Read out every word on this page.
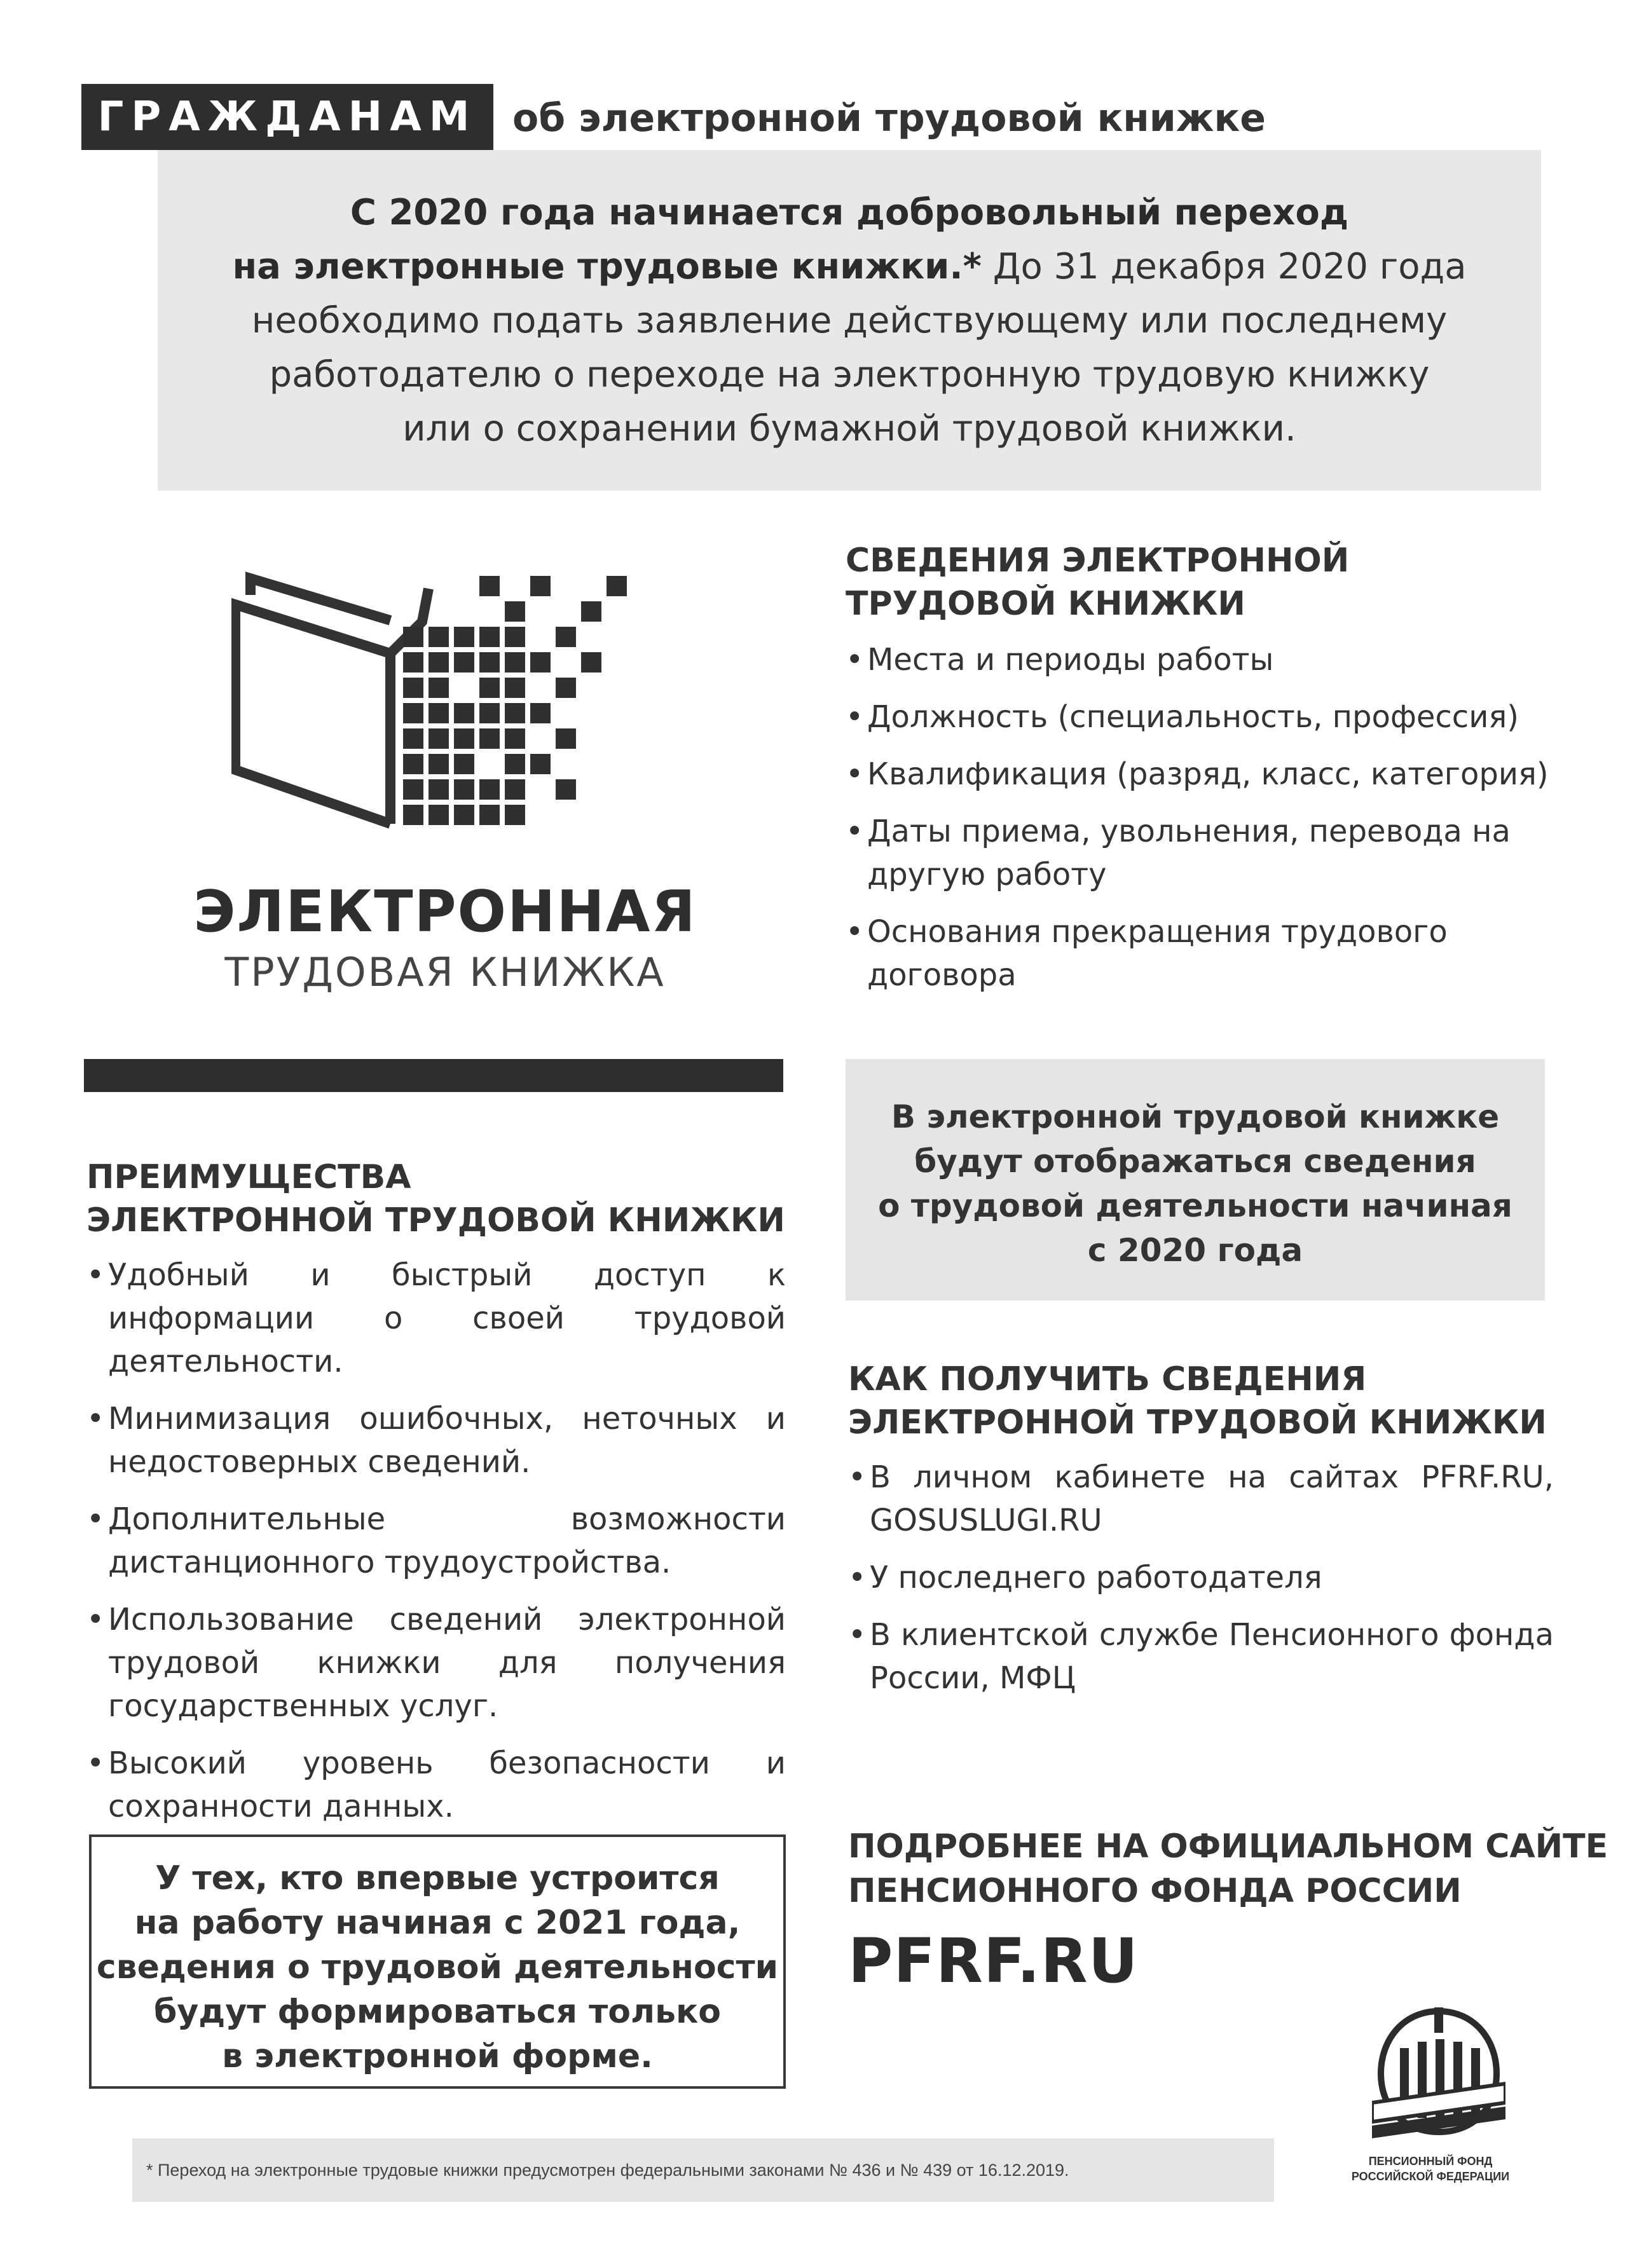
ГРАЖДАНАМ об электронной трудовой книжке

С 2020 года начинается добровольный переход
на электронные трудовые книжки.* До 31 декабря 2020 года
необходимо подать заявление действующему или последнему
работодателю о переходе на электронную трудовую книжку
или о сохранении бумажной трудовой книжки.

ЭЛЕКТРОННАЯ
ТРУДОВАЯ КНИЖКА

СВЕДЕНИЯ ЭЛЕКТРОННОЙ
ТРУДОВОЙ КНИЖКИ

• Места и периоды работы
• Должность (специальность, профессия)
• Квалификация (разряд, класс, категория)
• Даты приема, увольнения, перевода на другую работу
• Основания прекращения трудового договора

В электронной трудовой книжке
будут отображаться сведения
о трудовой деятельности начиная
с 2020 года

ПРЕИМУЩЕСТВА
ЭЛЕКТРОННОЙ ТРУДОВОЙ КНИЖКИ

• Удобный и быстрый доступ к информации о своей трудовой деятельности.
• Минимизация ошибочных, неточных и недостоверных сведений.
• Дополнительные возможности дистанционного трудоустройства.
• Использование сведений электронной трудовой книжки для получения государственных услуг.
• Высокий уровень безопасности и сохранности данных.

КАК ПОЛУЧИТЬ СВЕДЕНИЯ
ЭЛЕКТРОННОЙ ТРУДОВОЙ КНИЖКИ

• В личном кабинете на сайтах PFRF.RU, GOSUSLUGI.RU
• У последнего работодателя
• В клиентской службе Пенсионного фонда России, МФЦ

У тех, кто впервые устроится
на работу начиная с 2021 года,
сведения о трудовой деятельности
будут формироваться только
в электронной форме.

ПОДРОБНЕЕ НА ОФИЦИАЛЬНОМ САЙТЕ
ПЕНСИОННОГО ФОНДА РОССИИ

PFRF.RU
* Переход на электронные трудовые книжки предусмотрен федеральными законами № 436 и № 439 от 16.12.2019.	ПЕНСИОННЫЙ ФОНД
РОССИЙСКОЙ ФЕДЕРАЦИИ
